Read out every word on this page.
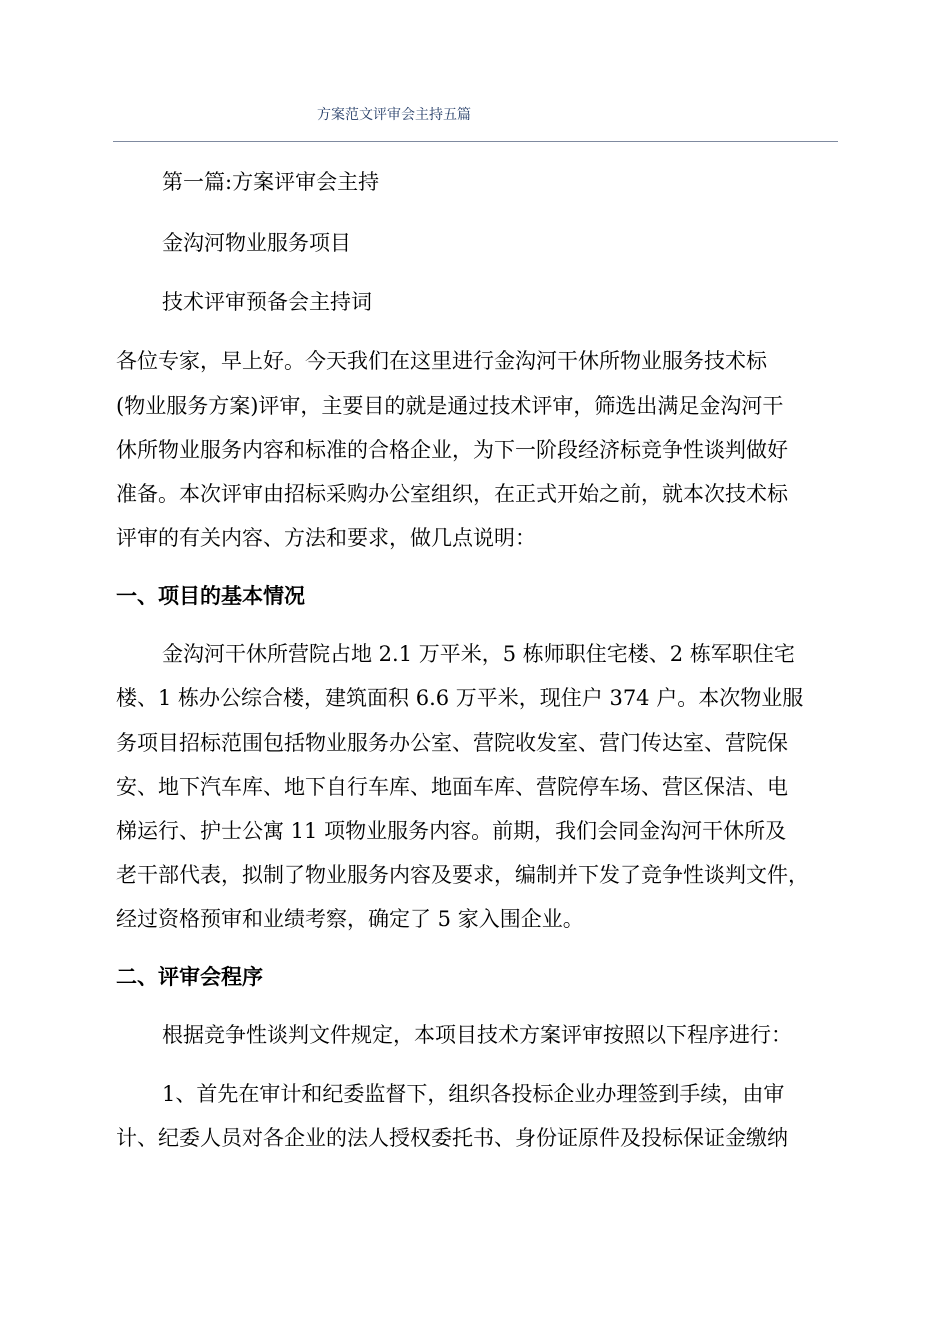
方案范文评审会主持五篇
第一篇:方案评审会主持
金沟河物业服务项目
技术评审预备会主持词
各位专家，早上好。今天我们在这里进行金沟河干休所物业服务技术标
(物业服务方案)评审，主要目的就是通过技术评审，筛选出满足金沟河干
休所物业服务内容和标准的合格企业，为下一阶段经济标竞争性谈判做好
准备。本次评审由招标采购办公室组织，在正式开始之前，就本次技术标
评审的有关内容、方法和要求，做几点说明：
一、项目的基本情况
金沟河干休所营院占地 2.1 万平米，5 栋师职住宅楼、2 栋军职住宅
楼、1 栋办公综合楼，建筑面积 6.6 万平米，现住户 374 户。本次物业服
务项目招标范围包括物业服务办公室、营院收发室、营门传达室、营院保
安、地下汽车库、地下自行车库、地面车库、营院停车场、营区保洁、电
梯运行、护士公寓 11 项物业服务内容。前期，我们会同金沟河干休所及
老干部代表，拟制了物业服务内容及要求，编制并下发了竞争性谈判文件，
经过资格预审和业绩考察，确定了 5 家入围企业。
二、评审会程序
根据竞争性谈判文件规定，本项目技术方案评审按照以下程序进行：
1、首先在审计和纪委监督下，组织各投标企业办理签到手续，由审
计、纪委人员对各企业的法人授权委托书、身份证原件及投标保证金缴纳
